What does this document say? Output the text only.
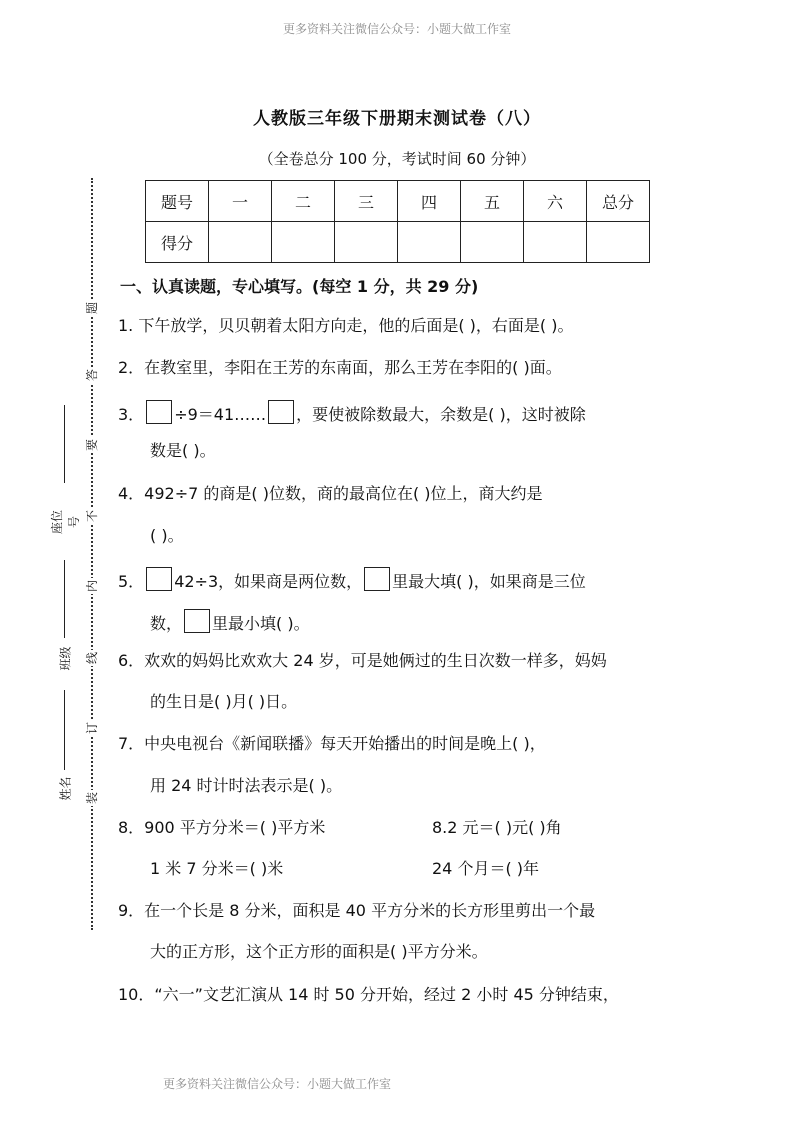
更多资料关注微信公众号：小题大做工作室
人教版三年级下册期末测试卷（八）
（全卷总分 100 分，考试时间 60 分钟）
题号	一	二	三	四	五	六	总分
得分							
题
答
要
不
内
线
订
装
座位号
班级
姓名
一、认真读题，专心填写。(每空 1 分，共 29 分)
1. 下午放学，贝贝朝着太阳方向走，他的后面是( )，右面是( )。
2．在教室里，李阳在王芳的东南面，那么王芳在李阳的( )面。
3． ÷9＝41…… ，要使被除数最大，余数是( )，这时被除
数是( )。
4．492÷7 的商是( )位数，商的最高位在( )位上，商大约是
( )。
5． 42÷3，如果商是两位数， 里最大填( )，如果商是三位
数， 里最小填( )。
6．欢欢的妈妈比欢欢大 24 岁，可是她俩过的生日次数一样多，妈妈
的生日是( )月( )日。
7．中央电视台《新闻联播》每天开始播出的时间是晚上( )，
用 24 时计时法表示是( )。
8．900 平方分米＝( )平方米	8.2 元＝( )元( )角
1 米 7 分米＝( )米	24 个月＝( )年
9．在一个长是 8 分米，面积是 40 平方分米的长方形里剪出一个最
大的正方形，这个正方形的面积是( )平方分米。
10．“六一”文艺汇演从 14 时 50 分开始，经过 2 小时 45 分钟结束，
更多资料关注微信公众号：小题大做工作室
